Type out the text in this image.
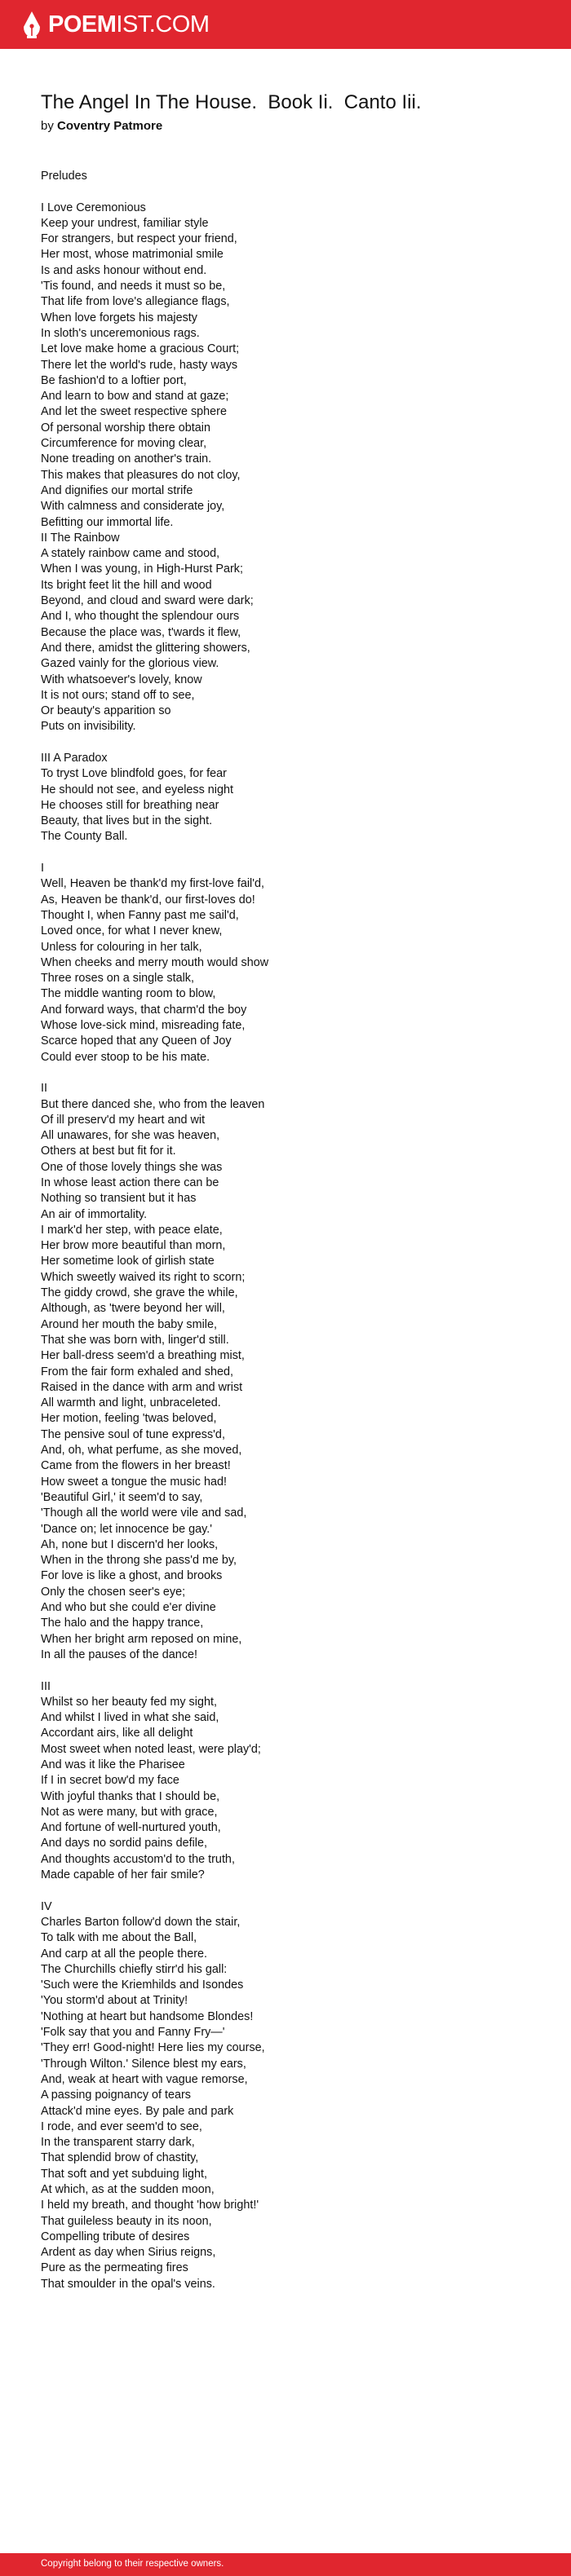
POEMIST.COM
The Angel In The House.  Book Ii.  Canto Iii.
by Coventry Patmore
Preludes
I Love Ceremonious
Keep your undrest, familiar style
For strangers, but respect your friend,
Her most, whose matrimonial smile
Is and asks honour without end.
'Tis found, and needs it must so be,
That life from love's allegiance flags,
When love forgets his majesty
In sloth's unceremonious rags.
Let love make home a gracious Court;
There let the world's rude, hasty ways
Be fashion'd to a loftier port,
And learn to bow and stand at gaze;
And let the sweet respective sphere
Of personal worship there obtain
Circumference for moving clear,
None treading on another's train.
This makes that pleasures do not cloy,
And dignifies our mortal strife
With calmness and considerate joy,
Befitting our immortal life.
II The Rainbow
A stately rainbow came and stood,
When I was young, in High-Hurst Park;
Its bright feet lit the hill and wood
Beyond, and cloud and sward were dark;
And I, who thought the splendour ours
Because the place was, t'wards it flew,
And there, amidst the glittering showers,
Gazed vainly for the glorious view.
With whatsoever's lovely, know
It is not ours; stand off to see,
Or beauty's apparition so
Puts on invisibility.
III A Paradox
To tryst Love blindfold goes, for fear
He should not see, and eyeless night
He chooses still for breathing near
Beauty, that lives but in the sight.
The County Ball.
I
Well, Heaven be thank'd my first-love fail'd,
As, Heaven be thank'd, our first-loves do!
Thought I, when Fanny past me sail'd,
Loved once, for what I never knew,
Unless for colouring in her talk,
When cheeks and merry mouth would show
Three roses on a single stalk,
The middle wanting room to blow,
And forward ways, that charm'd the boy
Whose love-sick mind, misreading fate,
Scarce hoped that any Queen of Joy
Could ever stoop to be his mate.
II
But there danced she, who from the leaven
Of ill preserv'd my heart and wit
All unawares, for she was heaven,
Others at best but fit for it.
One of those lovely things she was
In whose least action there can be
Nothing so transient but it has
An air of immortality.
I mark'd her step, with peace elate,
Her brow more beautiful than morn,
Her sometime look of girlish state
Which sweetly waived its right to scorn;
The giddy crowd, she grave the while,
Although, as 'twere beyond her will,
Around her mouth the baby smile,
That she was born with, linger'd still.
Her ball-dress seem'd a breathing mist,
From the fair form exhaled and shed,
Raised in the dance with arm and wrist
All warmth and light, unbraceleted.
Her motion, feeling 'twas beloved,
The pensive soul of tune express'd,
And, oh, what perfume, as she moved,
Came from the flowers in her breast!
How sweet a tongue the music had!
'Beautiful Girl,' it seem'd to say,
'Though all the world were vile and sad,
'Dance on; let innocence be gay.'
Ah, none but I discern'd her looks,
When in the throng she pass'd me by,
For love is like a ghost, and brooks
Only the chosen seer's eye;
And who but she could e'er divine
The halo and the happy trance,
When her bright arm reposed on mine,
In all the pauses of the dance!
III
Whilst so her beauty fed my sight,
And whilst I lived in what she said,
Accordant airs, like all delight
Most sweet when noted least, were play'd;
And was it like the Pharisee
If I in secret bow'd my face
With joyful thanks that I should be,
Not as were many, but with grace,
And fortune of well-nurtured youth,
And days no sordid pains defile,
And thoughts accustom'd to the truth,
Made capable of her fair smile?
IV
Charles Barton follow'd down the stair,
To talk with me about the Ball,
And carp at all the people there.
The Churchills chiefly stirr'd his gall:
'Such were the Kriemhilds and Isondes
'You storm'd about at Trinity!
'Nothing at heart but handsome Blondes!
'Folk say that you and Fanny Fry—'
'They err! Good-night! Here lies my course,
'Through Wilton.' Silence blest my ears,
And, weak at heart with vague remorse,
A passing poignancy of tears
Attack'd mine eyes. By pale and park
I rode, and ever seem'd to see,
In the transparent starry dark,
That splendid brow of chastity,
That soft and yet subduing light,
At which, as at the sudden moon,
I held my breath, and thought 'how bright!'
That guileless beauty in its noon,
Compelling tribute of desires
Ardent as day when Sirius reigns,
Pure as the permeating fires
That smoulder in the opal's veins.
Copyright belong to their respective owners.
